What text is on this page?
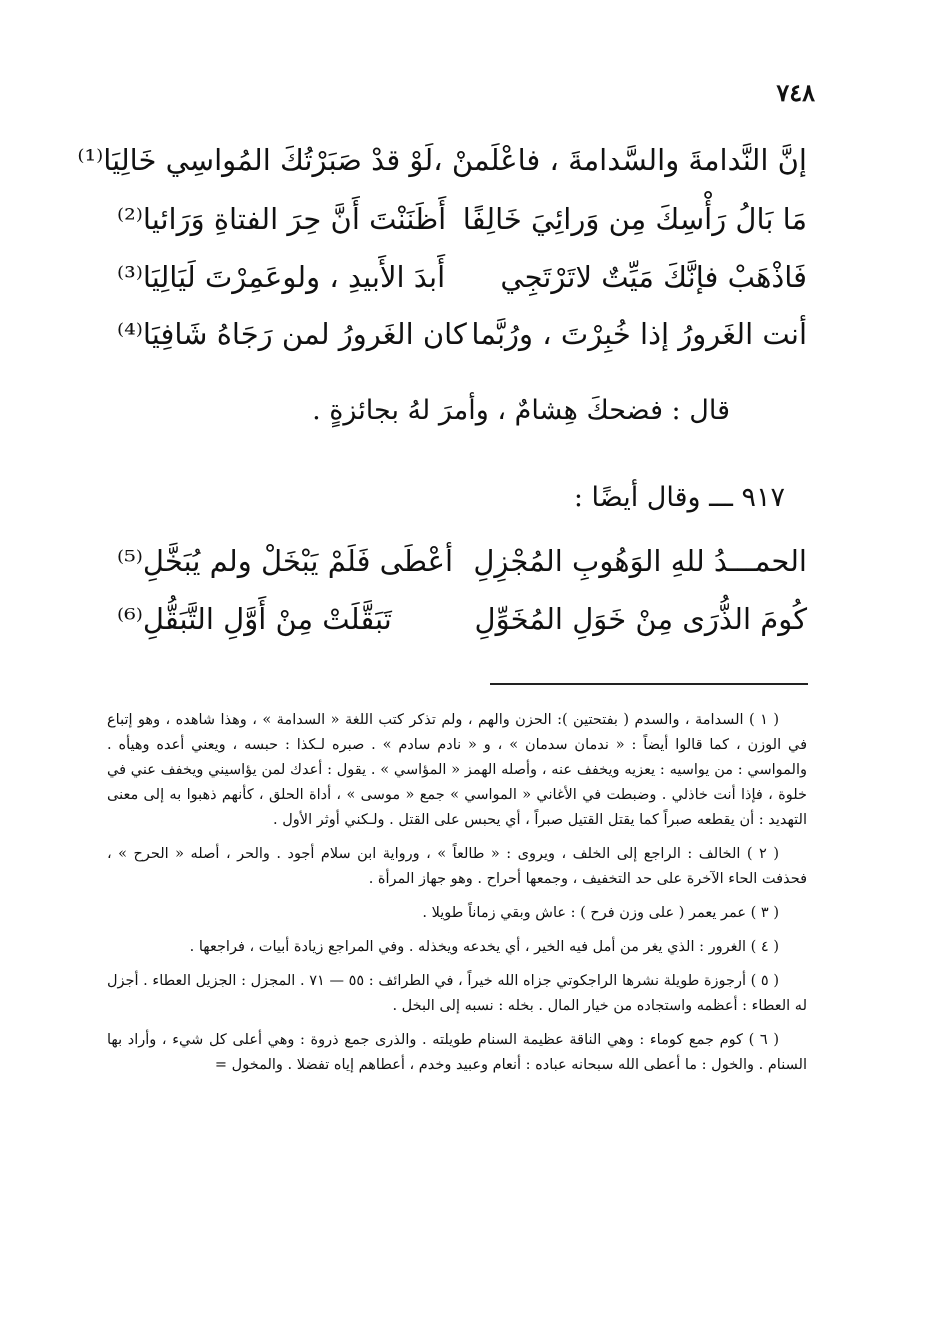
٧٤٨
إنَّ النَّدامةَ والسَّدامةَ ، فاعْلَمنْ ،
لَوْ قدْ صَبَرْتُكَ المُواسِي خَالِيَا⁽¹⁾
مَا بَالُ رَأْسِكَ مِن وَرائِيَ خَالِفًا
أَظَنَنْتَ أَنَّ حِرَ الفتاةِ وَرَائيا⁽²⁾
فَاذْهَبْ فإنَّكَ مَيِّتٌ لاتَرْتَجِي
أَبدَ الأَبيدِ ، ولوعَمِرْتَ لَيَالِيَا⁽³⁾
أنت الغَرورُ إذا خُبِرْتَ ، ورُبَّما
كان الغَرورُ لمن رَجَاهُ شَافِيَا⁽⁴⁾
قال : فضحكَ هِشامٌ ، وأمرَ لهُ بجائزةٍ .
٩١٧ ـــ وقال أيضًا :
الحمـــدُ للهِ الوَهُوبِ المُجْزِلِ
أعْطَى فَلَمْ يَبْخَلْ ولم يُبَخَّلِ⁽⁵⁾
كُومَ الذُّرَى مِنْ خَوَلِ المُخَوِّلِ
تَبَقَّلَتْ مِنْ أَوَّلِ التَّبَقُّلِ⁽⁶⁾

( ١ ) السدامة ، والسدم ( بفتحتين ): الحزن والهم ، ولم تذكر كتب اللغة « السدامة » ، وهذا شاهده ، وهو إتباع في الوزن ، كما قالوا أيضاً : « ندمان سدمان » ، و « نادم سادم » . صبره لـكذا : حبسه ، ويعني أعده وهيأه . والمواسي : من يواسيه : يعزيه ويخفف عنه ، وأصله الهمز « المؤاسي » . يقول : أعدك لمن يؤاسيني ويخفف عني في خلوة ، فإذا أنت خاذلي . وضبطت في الأغاني « المواسي » جمع « موسى » ، أداة الحلق ، كأنهم ذهبوا به إلى معنى التهديد : أن يقطعه صبراً كما يقتل القتيل صبراً ، أي يحبس على القتل . ولـكني أوثر الأول .

( ٢ ) الخالف : الراجع إلى الخلف ، ويروى : « طالعاً » ، ورواية ابن سلام أجود . والحر ، أصله « الحرح » ، فحذفت الحاء الآخرة على حد التخفيف ، وجمعها أحراح . وهو جهاز المرأة .

( ٣ ) عمر يعمر ( على وزن فرح ) : عاش وبقي زماناً طويلا .

( ٤ ) الغرور : الذي يغر من أمل فيه الخير ، أي يخدعه ويخذله . وفي المراجع زيادة أبيات ، فراجعها .

( ٥ ) أرجوزة طويلة نشرها الراجكوتي جزاه الله خيراً ، في الطرائف : ٥٥ — ٧١ . المجزل : الجزيل العطاء . أجزل له العطاء : أعظمه واستجاده من خيار المال . بخله : نسبه إلى البخل .

( ٦ ) كوم جمع كوماء : وهي الناقة عظيمة السنام طويلته . والذرى جمع ذروة : وهي أعلى كل شيء ، وأراد بها السنام . والخول : ما أعطى الله سبحانه عباده : أنعام وعبيد وخدم ، أعطاهم إياه تفضلا . والمخول =
